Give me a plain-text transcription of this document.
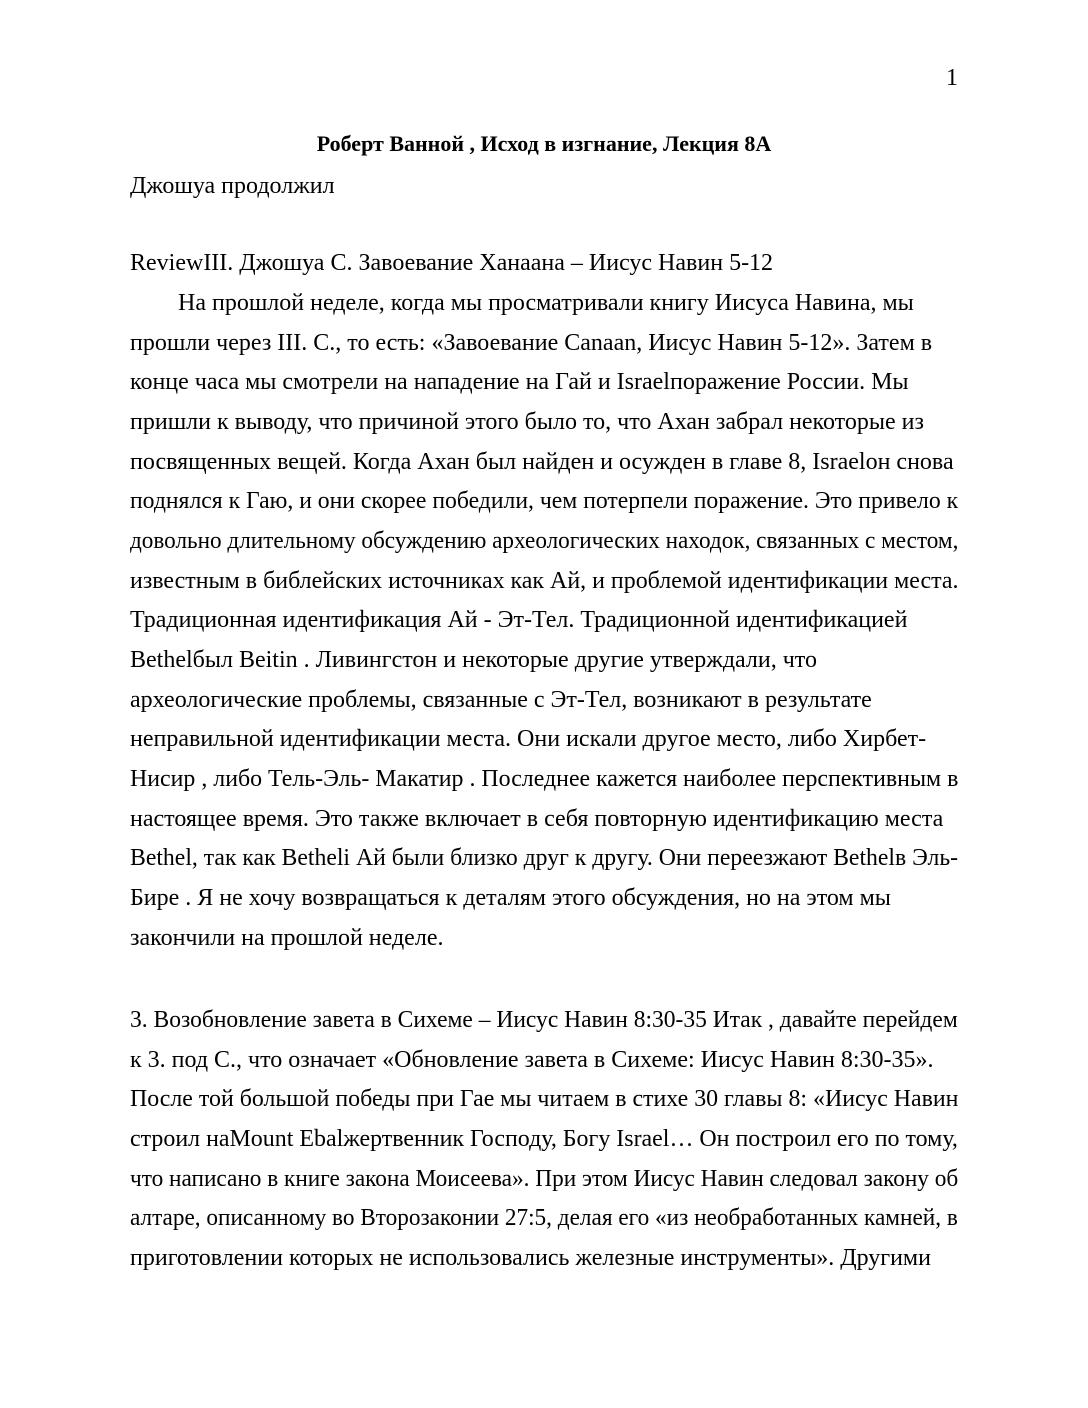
1
Роберт Ванной , Исход в изгнание, Лекция 8А
Джошуа продолжил
ReviewIII. Джошуа С. Завоевание Ханаана – Иисус Навин 5-12
На прошлой неделе, когда мы просматривали книгу Иисуса Навина, мы
прошли через III. С., то есть: «Завоевание Canaan, Иисус Навин 5-12». Затем в
конце часа мы смотрели на нападение на Гай и Israelпоражение России. Мы
пришли к выводу, что причиной этого было то, что Ахан забрал некоторые из
посвященных вещей. Когда Ахан был найден и осужден в главе 8, Israelон снова
поднялся к Гаю, и они скорее победили, чем потерпели поражение. Это привело к
довольно длительному обсуждению археологических находок, связанных с местом,
известным в библейских источниках как Ай, и проблемой идентификации места.
Традиционная идентификация Ай - Эт-Тел. Традиционной идентификацией
Bethelбыл Beitin . Ливингстон и некоторые другие утверждали, что
археологические проблемы, связанные с Эт-Тел, возникают в результате
неправильной идентификации места. Они искали другое место, либо Хирбет-
Нисир , либо Тель-Эль- Макатир . Последнее кажется наиболее перспективным в
настоящее время. Это также включает в себя повторную идентификацию места
Bethel, так как Betheli Ай были близко друг к другу. Они переезжают Bethelв Эль-
Бире . Я не хочу возвращаться к деталям этого обсуждения, но на этом мы
закончили на прошлой неделе.
3. Возобновление завета в Сихеме – Иисус Навин 8:30-35 Итак , давайте перейдем
к 3. под С., что означает «Обновление завета в Сихеме: Иисус Навин 8:30-35».
После той большой победы при Гае мы читаем в стихе 30 главы 8: «Иисус Навин
строил наMount Ebalжертвенник Господу, Богу Israel… Он построил его по тому,
что написано в книге закона Моисеева». При этом Иисус Навин следовал закону об
алтаре, описанному во Второзаконии 27:5, делая его «из необработанных камней, в
приготовлении которых не использовались железные инструменты». Другими
